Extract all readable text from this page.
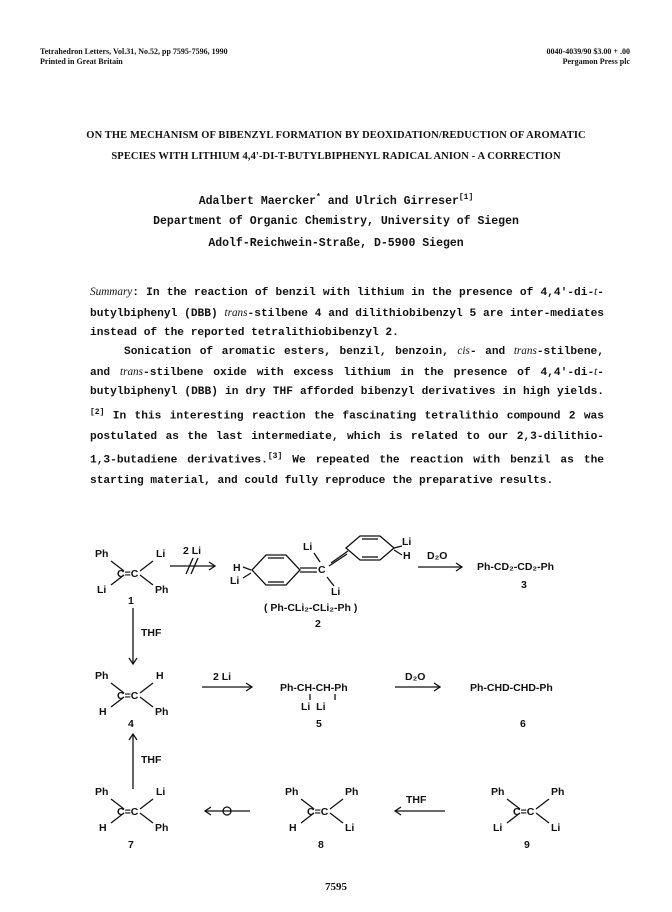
Tetrahedron Letters, Vol.31, No.52, pp 7595-7596, 1990
Printed in Great Britain
0040-4039/90 $3.00 + .00
Pergamon Press plc
ON THE MECHANISM OF BIBENZYL FORMATION BY DEOXIDATION/REDUCTION OF AROMATIC
SPECIES WITH LITHIUM 4,4'-DI-T-BUTYLBIPHENYL RADICAL ANION - A CORRECTION
Adalbert Maercker* and Ulrich Girreser[1]
Department of Organic Chemistry, University of Siegen
Adolf-Reichwein-Straße, D-5900 Siegen
Summary: In the reaction of benzil with lithium in the presence of 4,4'-di-t-butylbiphenyl (DBB) trans-stilbene 4 and dilithiobibenzyl 5 are inter-mediates instead of the reported tetralithiobibenzyl 2.
Sonication of aromatic esters, benzil, benzoin, cis- and trans-stilbene, and trans-stilbene oxide with excess lithium in the presence of 4,4'-di-t-butylbiphenyl (DBB) in dry THF afforded bibenzyl derivatives in high yields.[2] In this interesting reaction the fascinating tetralithio compound 2 was postulated as the last intermediate, which is related to our 2,3-dilithio-1,3-butadiene derivatives.[3] We repeated the reaction with benzil as the starting material, and could fully reproduce the preparative results.
Ph	Li
C=C
Li	Ph
1
2 Li
H
Li
Li
C
Li
Li
H
( Ph-CLi₂-CLi₂-Ph )
2
D₂O
Ph-CD₂-CD₂-Ph
3
THF
Ph	H
C=C
H	Ph
4
2 Li
Ph-CH-CH-Ph
Li  Li
5
D₂O
Ph-CHD-CHD-Ph
6
THF
Ph	Li
C=C
H	Ph
7
Ph	Ph
C=C
H	Li
8
THF
Ph	Ph
C=C
Li	Li
9
7595
